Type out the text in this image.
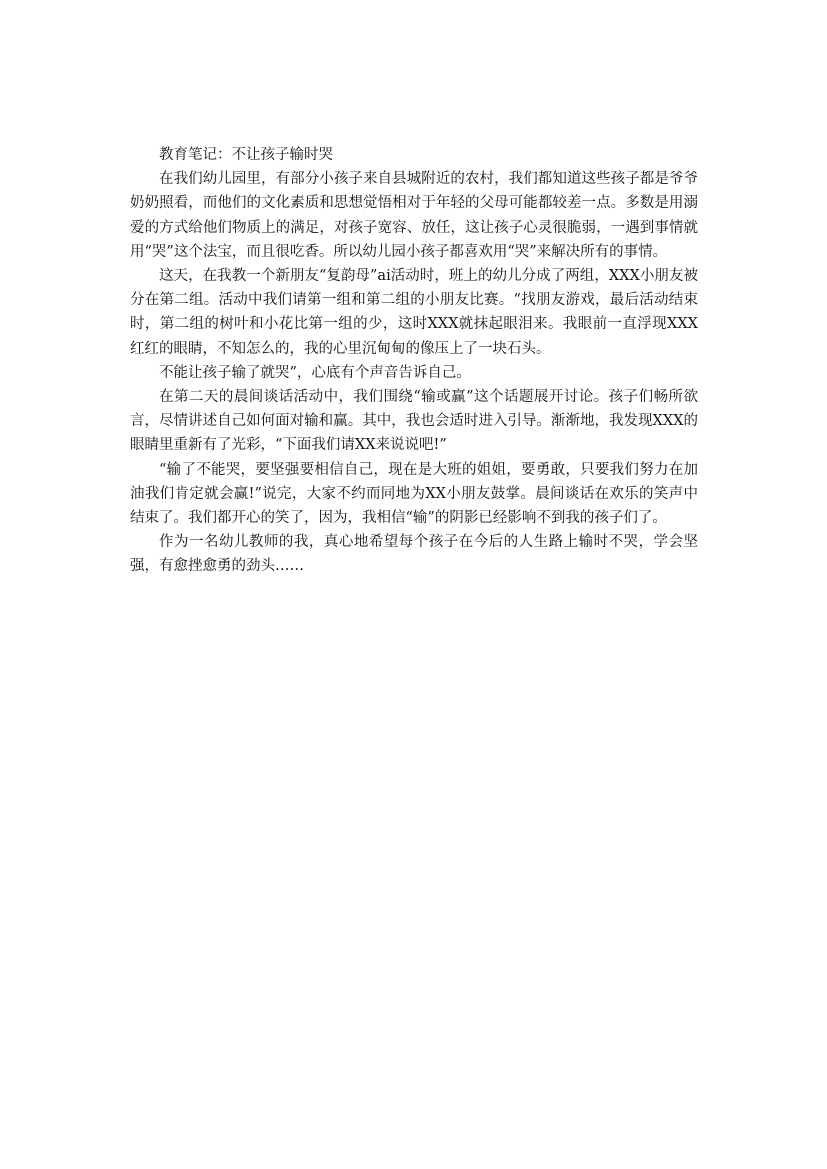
教育笔记：不让孩子输时哭

在我们幼儿园里，有部分小孩子来自县城附近的农村，我们都知道这些孩子都是爷爷奶奶照看，而他们的文化素质和思想觉悟相对于年轻的父母可能都较差一点。多数是用溺爱的方式给他们物质上的满足，对孩子宽容、放任，这让孩子心灵很脆弱，一遇到事情就用“哭”这个法宝，而且很吃香。所以幼儿园小孩子都喜欢用“哭”来解决所有的事情。

这天，在我教一个新朋友“复韵母”ai活动时，班上的幼儿分成了两组，XXX小朋友被分在第二组。活动中我们请第一组和第二组的小朋友比赛。“找朋友游戏，最后活动结束时，第二组的树叶和小花比第一组的少，这时XXX就抹起眼泪来。我眼前一直浮现XXX红红的眼睛，不知怎么的，我的心里沉甸甸的像压上了一块石头。

不能让孩子输了就哭”，心底有个声音告诉自己。

在第二天的晨间谈话活动中，我们围绕“输或赢”这个话题展开讨论。孩子们畅所欲言，尽情讲述自己如何面对输和赢。其中，我也会适时进入引导。渐渐地，我发现XXX的眼睛里重新有了光彩，“下面我们请XX来说说吧!”

“输了不能哭，要坚强要相信自己，现在是大班的姐姐，要勇敢，只要我们努力在加油我们肯定就会赢!”说完，大家不约而同地为XX小朋友鼓掌。晨间谈话在欢乐的笑声中结束了。我们都开心的笑了，因为，我相信“输”的阴影已经影响不到我的孩子们了。

作为一名幼儿教师的我，真心地希望每个孩子在今后的人生路上输时不哭，学会坚强，有愈挫愈勇的劲头……
